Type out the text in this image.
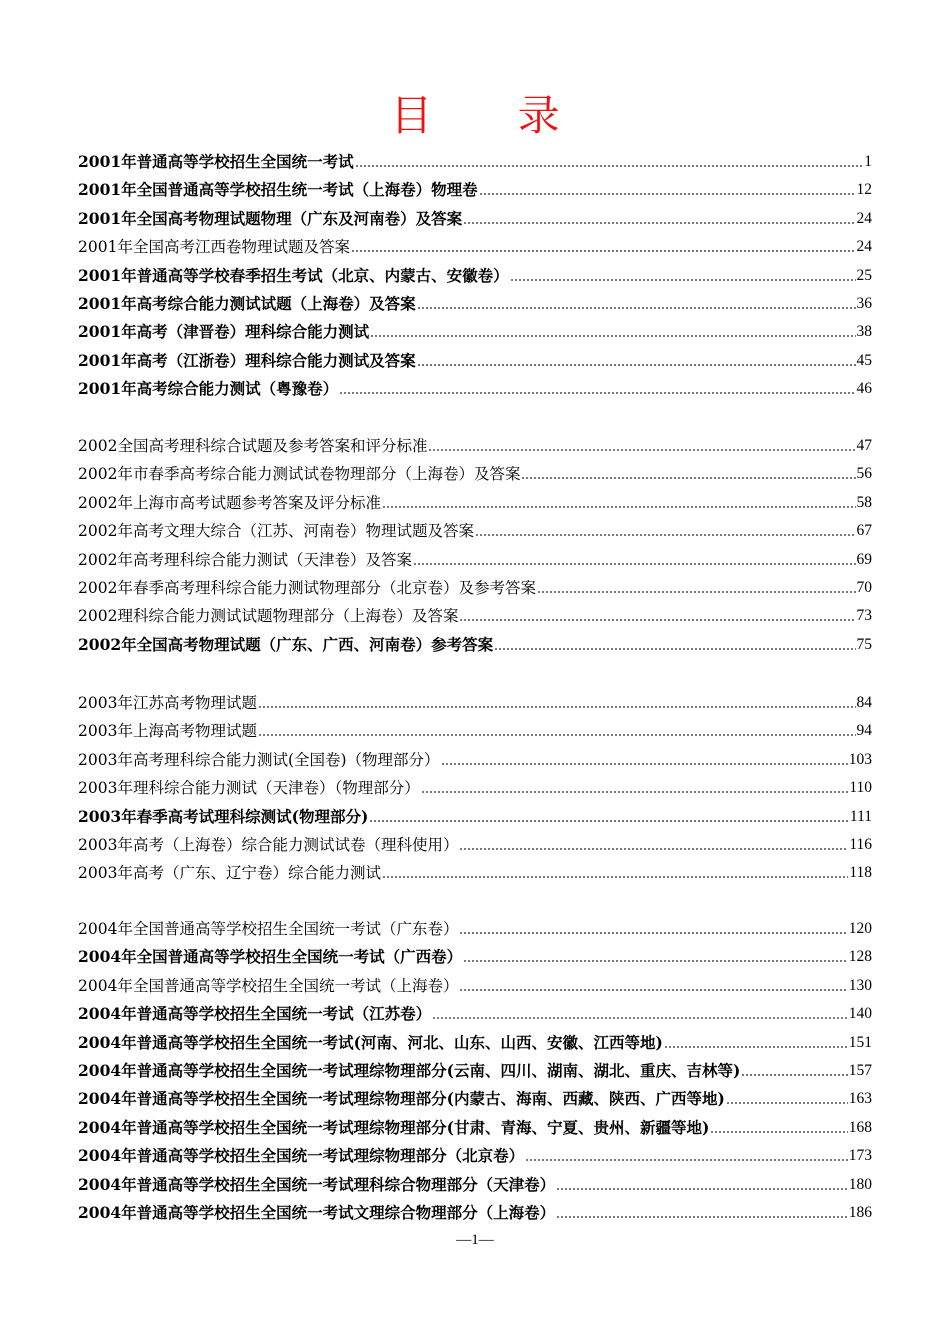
目 录
2001年普通高等学校招生全国统一考试	1
2001年全国普通高等学校招生统一考试（上海卷）物理卷	12
2001年全国高考物理试题物理（广东及河南卷）及答案	24
2001年全国高考江西卷物理试题及答案	24
2001年普通高等学校春季招生考试（北京、内蒙古、安徽卷）	25
2001年高考综合能力测试试题（上海卷）及答案	36
2001年高考（津晋卷）理科综合能力测试	38
2001年高考（江浙卷）理科综合能力测试及答案	45
2001年高考综合能力测试（粤豫卷）	46
2002全国高考理科综合试题及参考答案和评分标准	47
2002年市春季高考综合能力测试试卷物理部分（上海卷）及答案	56
2002年上海市高考试题参考答案及评分标准	58
2002年高考文理大综合（江苏、河南卷）物理试题及答案	67
2002年高考理科综合能力测试（天津卷）及答案	69
2002年春季高考理科综合能力测试物理部分（北京卷）及参考答案	70
2002理科综合能力测试试题物理部分（上海卷）及答案	73
2002年全国高考物理试题（广东、广西、河南卷）参考答案	75
2003年江苏高考物理试题	84
2003年上海高考物理试题	94
2003年高考理科综合能力测试(全国卷)（物理部分）	103
2003年理科综合能力测试（天津卷）（物理部分）	110
2003年春季高考试理科综测试(物理部分)	111
2003年高考（上海卷）综合能力测试试卷（理科使用）	116
2003年高考（广东、辽宁卷）综合能力测试	118
2004年全国普通高等学校招生全国统一考试（广东卷）	120
2004年全国普通高等学校招生全国统一考试（广西卷）	128
2004年全国普通高等学校招生全国统一考试（上海卷）	130
2004年普通高等学校招生全国统一考试（江苏卷）	140
2004年普通高等学校招生全国统一考试(河南、河北、山东、山西、安徽、江西等地)	151
2004年普通高等学校招生全国统一考试理综物理部分(云南、四川、湖南、湖北、重庆、吉林等)	157
2004年普通高等学校招生全国统一考试理综物理部分(内蒙古、海南、西藏、陕西、广西等地)	163
2004年普通高等学校招生全国统一考试理综物理部分(甘肃、青海、宁夏、贵州、新疆等地)	168
2004年普通高等学校招生全国统一考试理综物理部分（北京卷）	173
2004年普通高等学校招生全国统一考试理科综合物理部分（天津卷）	180
2004年普通高等学校招生全国统一考试文理综合物理部分（上海卷）	186
—1—
